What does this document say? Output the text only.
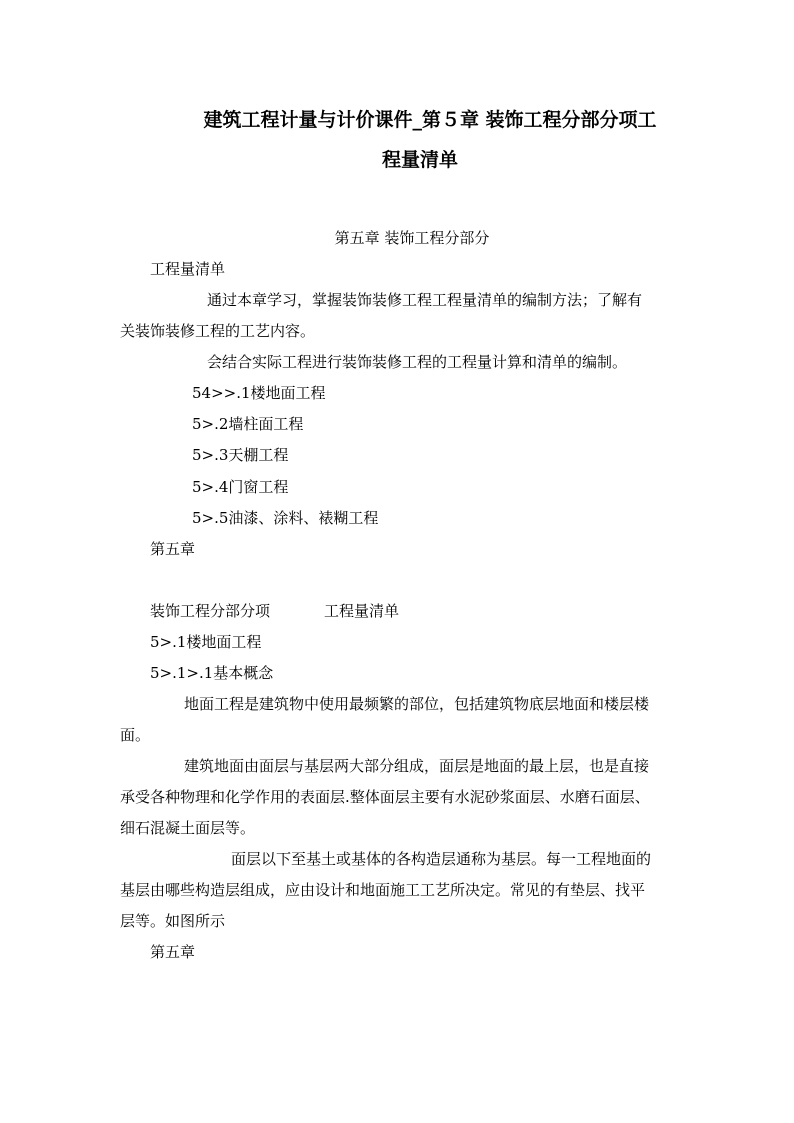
建筑工程计量与计价课件_第５章 装饰工程分部分项工
程量清单
第五章 装饰工程分部分
工程量清单
通过本章学习，掌握装饰装修工程工程量清单的编制方法；了解有
关装饰装修工程的工艺内容。
会结合实际工程进行装饰装修工程的工程量计算和清单的编制。
54>>.1楼地面工程
5>.2墙柱面工程
5>.3天棚工程
5>.4门窗工程
5>.5油漆、涂料、裱糊工程
第五章
装饰工程分部分项	工程量清单
5>.1楼地面工程
5>.1>.1基本概念
地面工程是建筑物中使用最频繁的部位，包括建筑物底层地面和楼层楼
面。
建筑地面由面层与基层两大部分组成，面层是地面的最上层，也是直接
承受各种物理和化学作用的表面层.整体面层主要有水泥砂浆面层、水磨石面层、
细石混凝土面层等。
面层以下至基土或基体的各构造层通称为基层。每一工程地面的
基层由哪些构造层组成，应由设计和地面施工工艺所决定。常见的有垫层、找平
层等。如图所示
第五章
